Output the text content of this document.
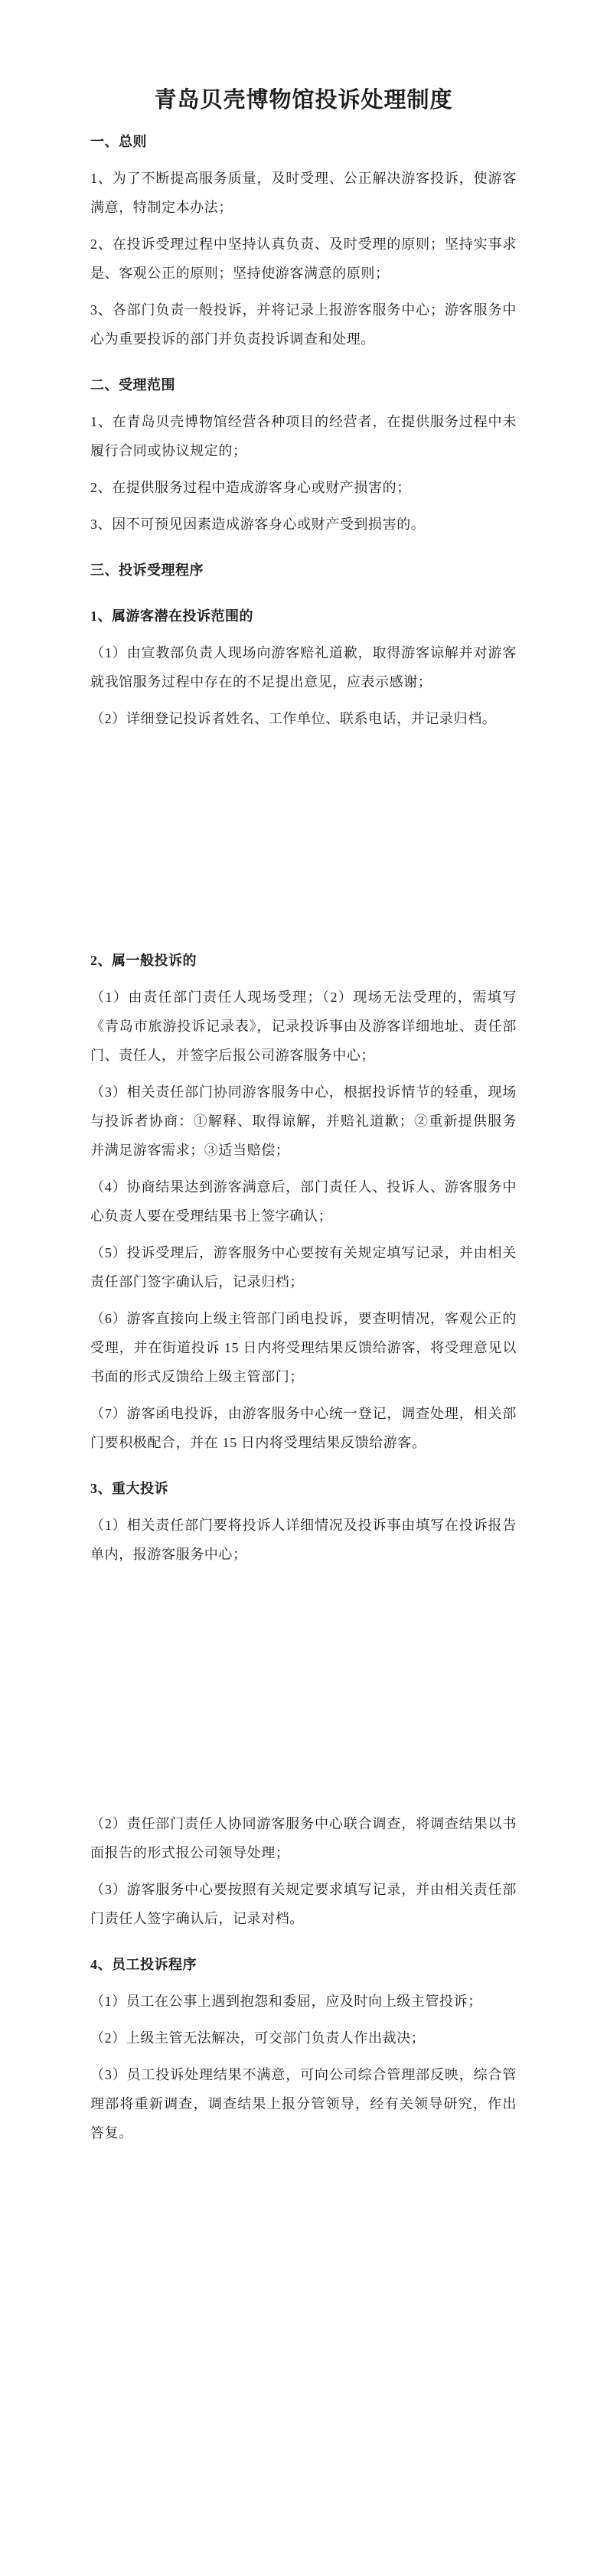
青岛贝壳博物馆投诉处理制度
一、总则
1、为了不断提高服务质量，及时受理、公正解决游客投诉，使游客满意，特制定本办法；
2、在投诉受理过程中坚持认真负责、及时受理的原则；坚持实事求是、客观公正的原则；坚持使游客满意的原则；
3、各部门负责一般投诉，并将记录上报游客服务中心；游客服务中心为重要投诉的部门并负责投诉调查和处理。
二、受理范围
1、在青岛贝壳博物馆经营各种项目的经营者，在提供服务过程中未履行合同或协议规定的；
2、在提供服务过程中造成游客身心或财产损害的；
3、因不可预见因素造成游客身心或财产受到损害的。
三、投诉受理程序
1、属游客潜在投诉范围的
（1）由宣教部负责人现场向游客赔礼道歉，取得游客谅解并对游客就我馆服务过程中存在的不足提出意见，应表示感谢；
（2）详细登记投诉者姓名、工作单位、联系电话，并记录归档。
2、属一般投诉的
（1）由责任部门责任人现场受理；（2）现场无法受理的，需填写《青岛市旅游投诉记录表》，记录投诉事由及游客详细地址、责任部门、责任人，并签字后报公司游客服务中心；
（3）相关责任部门协同游客服务中心，根据投诉情节的轻重，现场与投诉者协商：①解释、取得谅解，并赔礼道歉；②重新提供服务并满足游客需求；③适当赔偿；
（4）协商结果达到游客满意后，部门责任人、投诉人、游客服务中心负责人要在受理结果书上签字确认；
（5）投诉受理后，游客服务中心要按有关规定填写记录，并由相关责任部门签字确认后，记录归档；
（6）游客直接向上级主管部门函电投诉，要查明情况，客观公正的受理，并在街道投诉 15 日内将受理结果反馈给游客，将受理意见以书面的形式反馈给上级主管部门；
（7）游客函电投诉，由游客服务中心统一登记，调查处理，相关部门要积极配合，并在 15 日内将受理结果反馈给游客。
3、重大投诉
（1）相关责任部门要将投诉人详细情况及投诉事由填写在投诉报告单内，报游客服务中心；
（2）责任部门责任人协同游客服务中心联合调查，将调查结果以书面报告的形式报公司领导处理；
（3）游客服务中心要按照有关规定要求填写记录，并由相关责任部门责任人签字确认后，记录对档。
4、员工投诉程序
（1）员工在公事上遇到抱怨和委屈，应及时向上级主管投诉；
（2）上级主管无法解决，可交部门负责人作出裁决；
（3）员工投诉处理结果不满意，可向公司综合管理部反映，综合管理部将重新调查，调查结果上报分管领导，经有关领导研究，作出答复。
